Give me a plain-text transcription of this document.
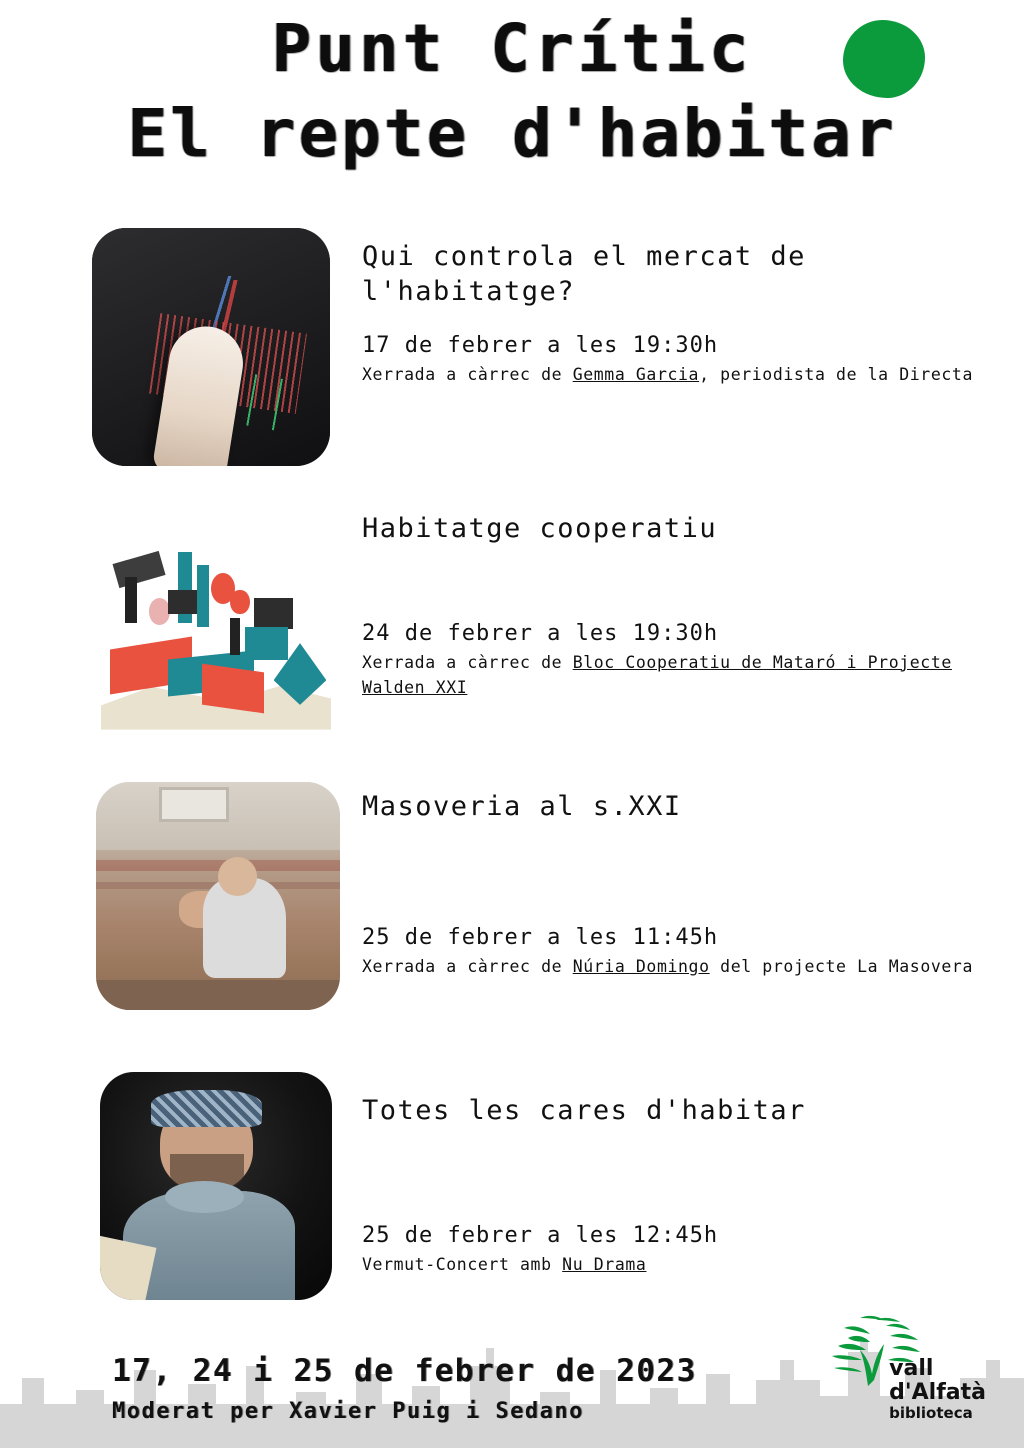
Punt Crític
El repte d'habitar
Qui controla el mercat de l'habitatge?
17 de febrer a les 19:30h
Xerrada a càrrec de Gemma Garcia, periodista de la Directa
Habitatge cooperatiu
24 de febrer a les 19:30h
Xerrada a càrrec de Bloc Cooperatiu de Mataró i Projecte Walden XXI
Masoveria al s.XXI
25 de febrer a les 11:45h
Xerrada a càrrec de Núria Domingo del projecte La Masovera
Totes les cares d'habitar
25 de febrer a les 12:45h
Vermut-Concert amb Nu Drama
17, 24 i 25 de febrer de 2023
Moderat per Xavier Puig i Sedano
vall
d'Alfatà
biblioteca
